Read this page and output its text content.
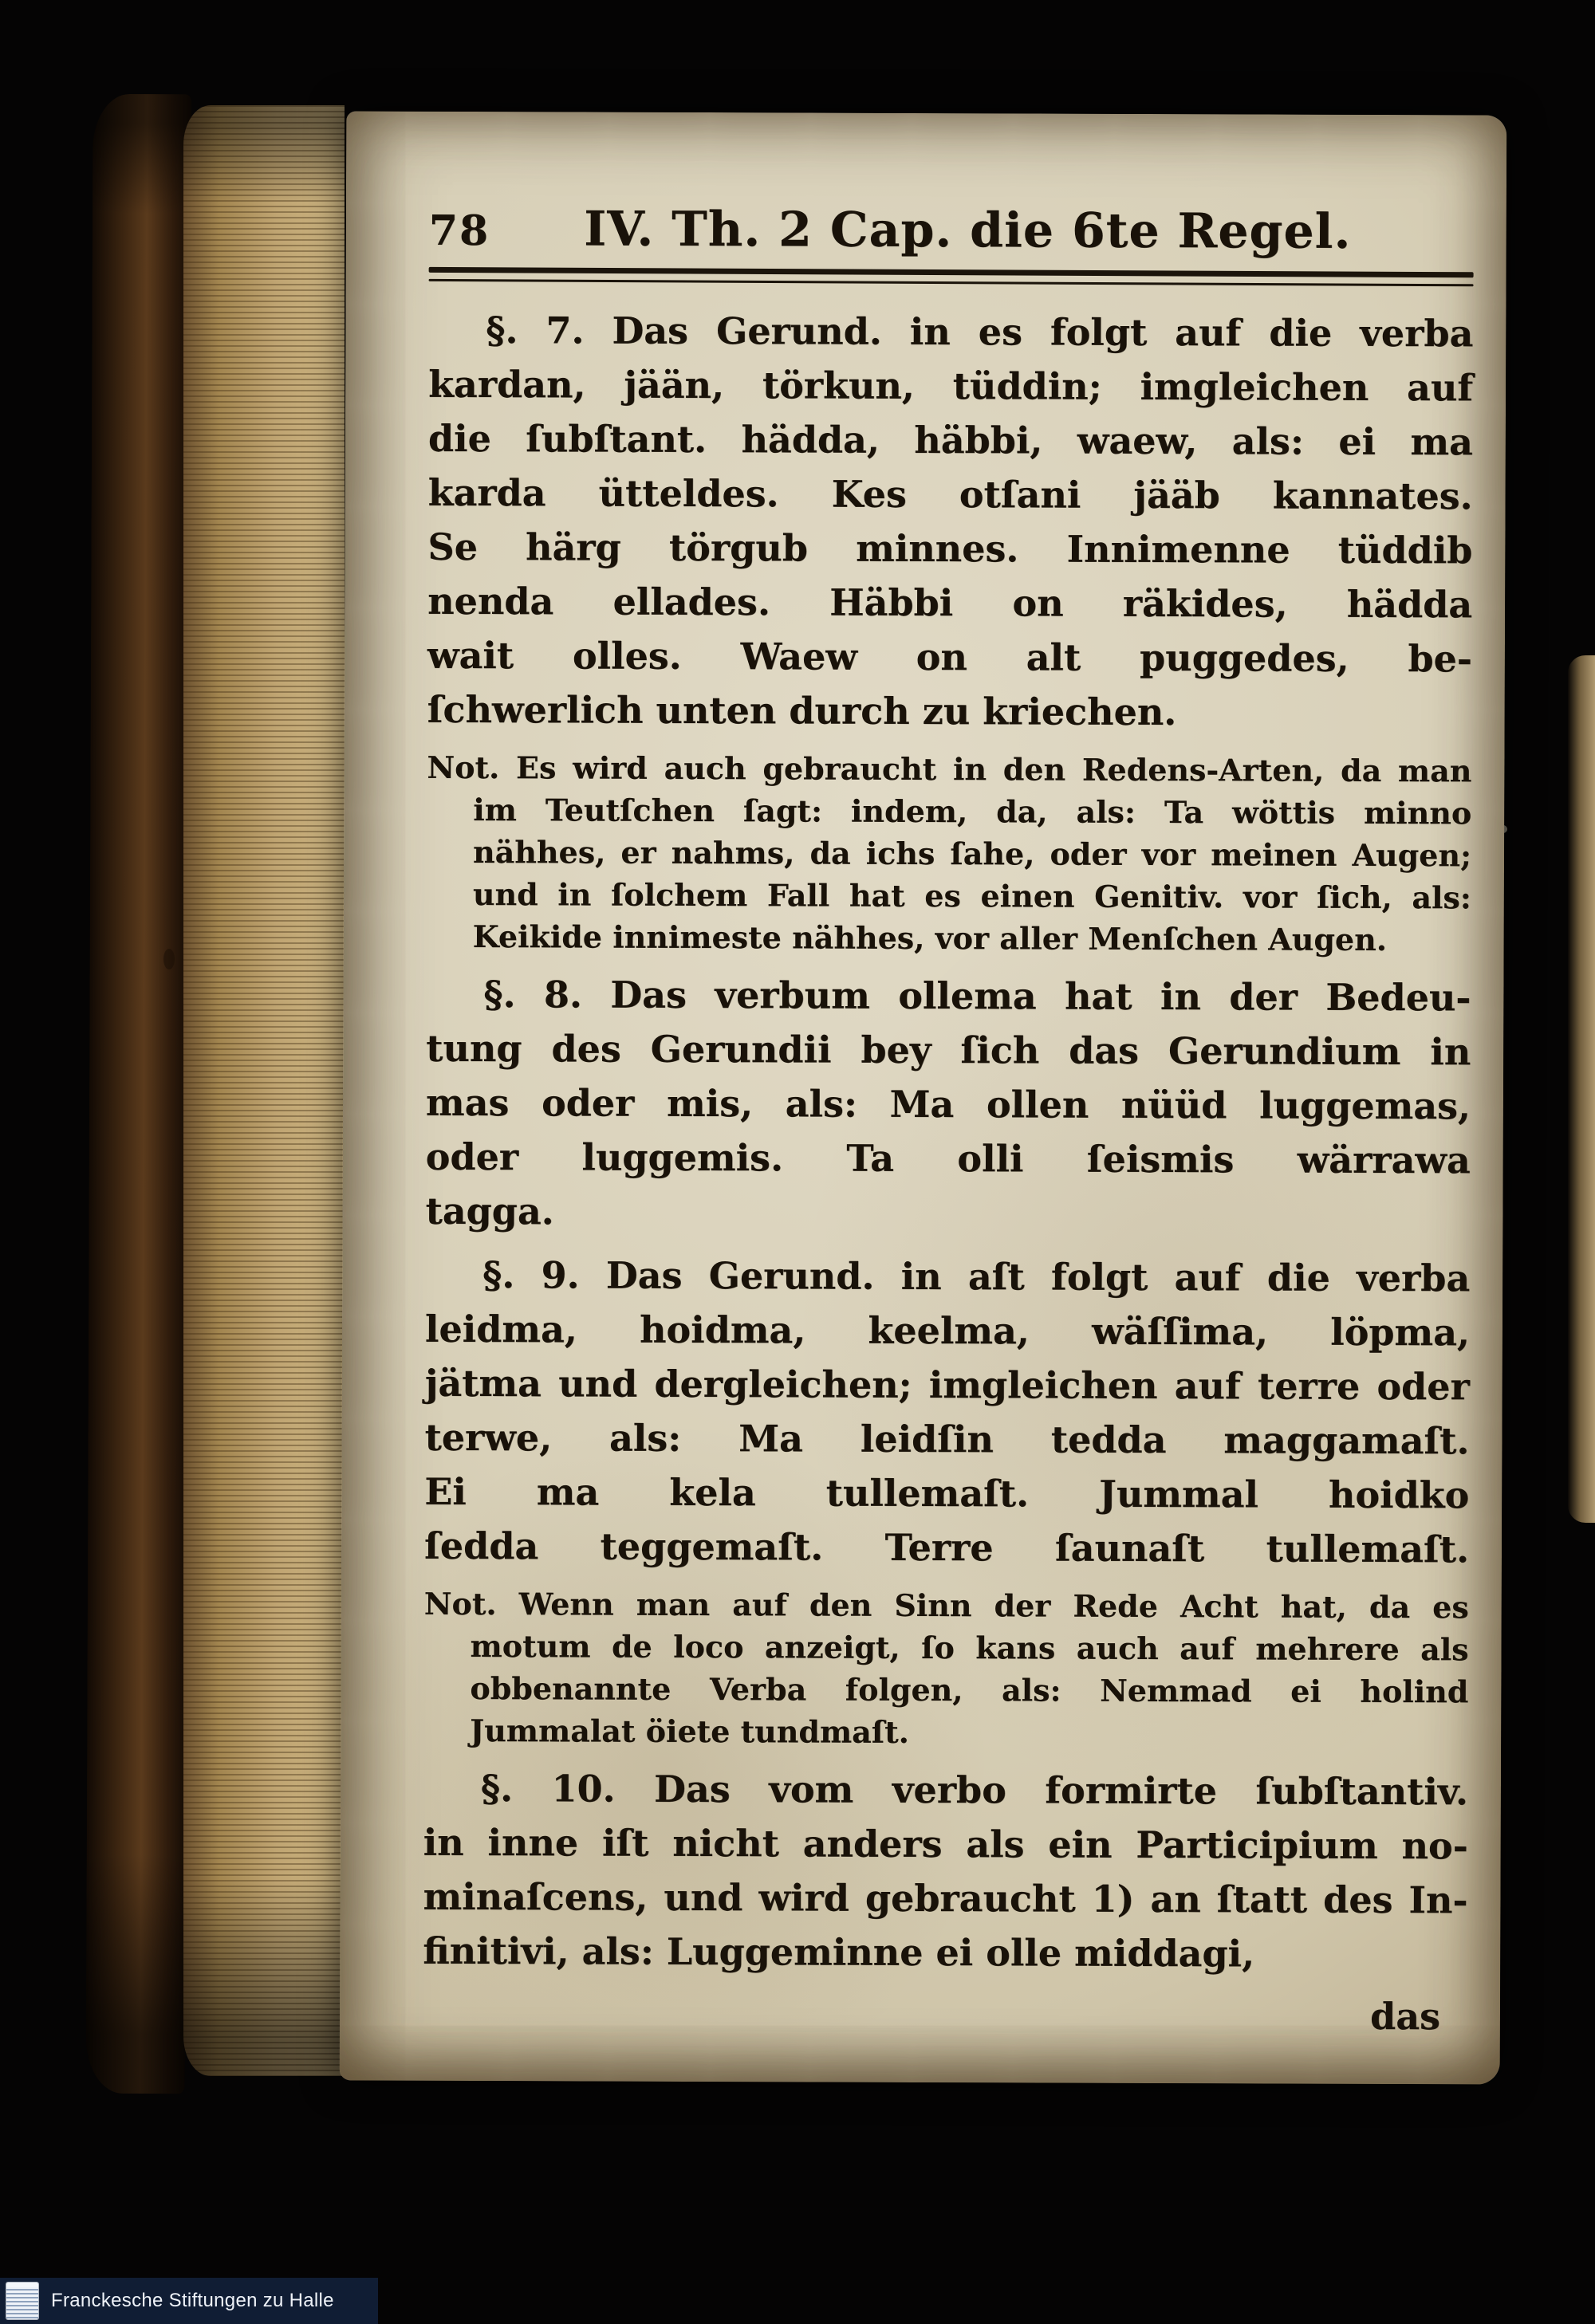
78 IV. Th. 2 Cap. die 6te Regel.
§. 7. Das Gerund. in es folgt auf die verba
kardan, jään, törkun, tüddin; imgleichen auf
die ſubſtant. hädda, häbbi, waew, als: ei ma
karda ütteldes. Kes otſani jääb kannates.
Se härg törgub minnes. Innimenne tüddib
nenda ellades. Häbbi on räkides, hädda
wait olles. Waew on alt puggedes, be-
ſchwerlich unten durch zu kriechen.
Not. Es wird auch gebraucht in den Redens-Arten, da man
im Teutſchen ſagt: indem, da, als: Ta wöttis minno
nähhes, er nahms, da ichs ſahe, oder vor meinen Augen;
und in ſolchem Fall hat es einen Genitiv. vor ſich, als:
Keikide innimeste nähhes, vor aller Menſchen Augen.
§. 8. Das verbum ollema hat in der Bedeu-
tung des Gerundii bey ſich das Gerundium in
mas oder mis, als: Ma ollen nüüd luggemas,
oder luggemis. Ta olli ſeismis wärrawa
tagga.
§. 9. Das Gerund. in aſt folgt auf die verba
leidma, hoidma, keelma, wäſſima, löpma,
jätma und dergleichen; imgleichen auf terre oder
terwe, als: Ma leidſin tedda maggamaſt.
Ei ma kela tullemaſt. Jummal hoidko
ſedda teggemaſt. Terre ſaunaſt tullemaſt.
Not. Wenn man auf den Sinn der Rede Acht hat, da es
motum de loco anzeigt, ſo kans auch auf mehrere als
obbenannte Verba folgen, als: Nemmad ei holind
Jummalat öiete tundmaſt.
§. 10. Das vom verbo formirte ſubſtantiv.
in inne iſt nicht anders als ein Participium no-
minaſcens, und wird gebraucht 1) an ſtatt des In-
finitivi, als: Luggeminne ei olle middagi,
das
Franckesche Stiftungen zu Halle
